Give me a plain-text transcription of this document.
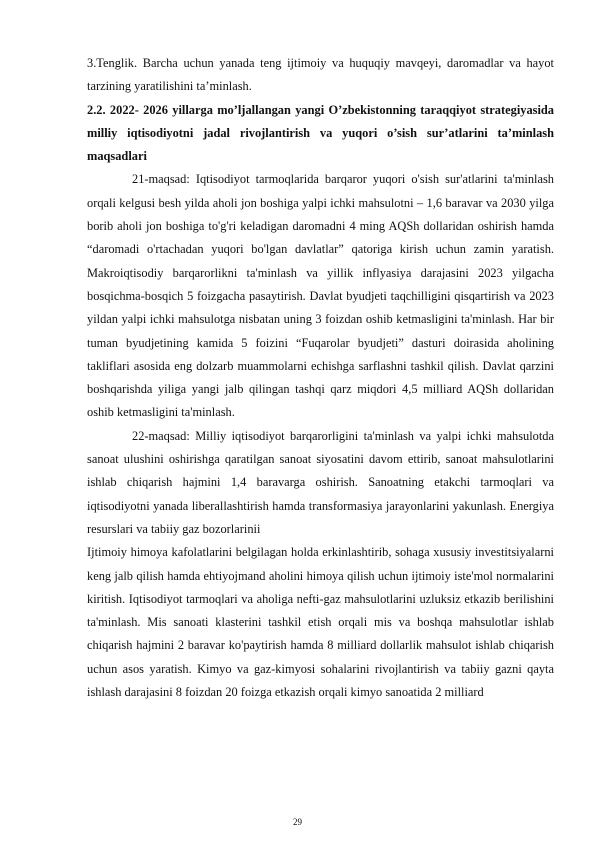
3.Tenglik. Barcha uchun yanada teng ijtimoiy va huquqiy mavqeyi, daromadlar va hayot tarzining yaratilishini ta’minlash.

2.2. 2022- 2026 yillarga mo’ljallangan yangi O’zbekistonning taraqqiyot strategiyasida milliy iqtisodiyotni jadal rivojlantirish va yuqori o’sish sur’atlarini ta’minlash maqsadlari

21-maqsad: Iqtisodiyot tarmoqlarida barqaror yuqori o'sish sur'atlarini ta'minlash orqali kelgusi besh yilda aholi jon boshiga yalpi ichki mahsulotni – 1,6 baravar va 2030 yilga borib aholi jon boshiga to'g'ri keladigan daromadni 4 ming AQSh dollaridan oshirish hamda “daromadi o'rtachadan yuqori bo'lgan davlatlar” qatoriga kirish uchun zamin yaratish. Makroiqtisodiy barqarorlikni ta'minlash va yillik inflyasiya darajasini 2023 yilgacha bosqichma-bosqich 5 foizgacha pasaytirish. Davlat byudjeti taqchilligini qisqartirish va 2023 yildan yalpi ichki mahsulotga nisbatan uning 3 foizdan oshib ketmasligini ta'minlash. Har bir tuman byudjetining kamida 5 foizini “Fuqarolar byudjeti” dasturi doirasida aholining takliflari asosida eng dolzarb muammolarni echishga sarflashni tashkil qilish. Davlat qarzini boshqarishda yiliga yangi jalb qilingan tashqi qarz miqdori 4,5 milliard AQSh dollaridan oshib ketmasligini ta'minlash.

22-maqsad: Milliy iqtisodiyot barqarorligini ta'minlash va yalpi ichki mahsulotda sanoat ulushini oshirishga qaratilgan sanoat siyosatini davom ettirib, sanoat mahsulotlarini ishlab chiqarish hajmini 1,4 baravarga oshirish. Sanoatning etakchi tarmoqlari va iqtisodiyotni yanada liberallashtirish hamda transformasiya jarayonlarini yakunlash. Energiya resurslari va tabiiy gaz bozorlarinii

Ijtimoiy himoya kafolatlarini belgilagan holda erkinlashtirib, sohaga xususiy investitsiyalarni keng jalb qilish hamda ehtiyojmand aholini himoya qilish uchun ijtimoiy iste'mol normalarini kiritish. Iqtisodiyot tarmoqlari va aholiga nefti-gaz mahsulotlarini uzluksiz etkazib berilishini ta'minlash. Mis sanoati klasterini tashkil etish orqali mis va boshqa mahsulotlar ishlab chiqarish hajmini 2 baravar ko'paytirish hamda 8 milliard dollarlik mahsulot ishlab chiqarish uchun asos yaratish. Kimyo va gaz-kimyosi sohalarini rivojlantirish va tabiiy gazni qayta ishlash darajasini 8 foizdan 20 foizga etkazish orqali kimyo sanoatida 2 milliard

29
